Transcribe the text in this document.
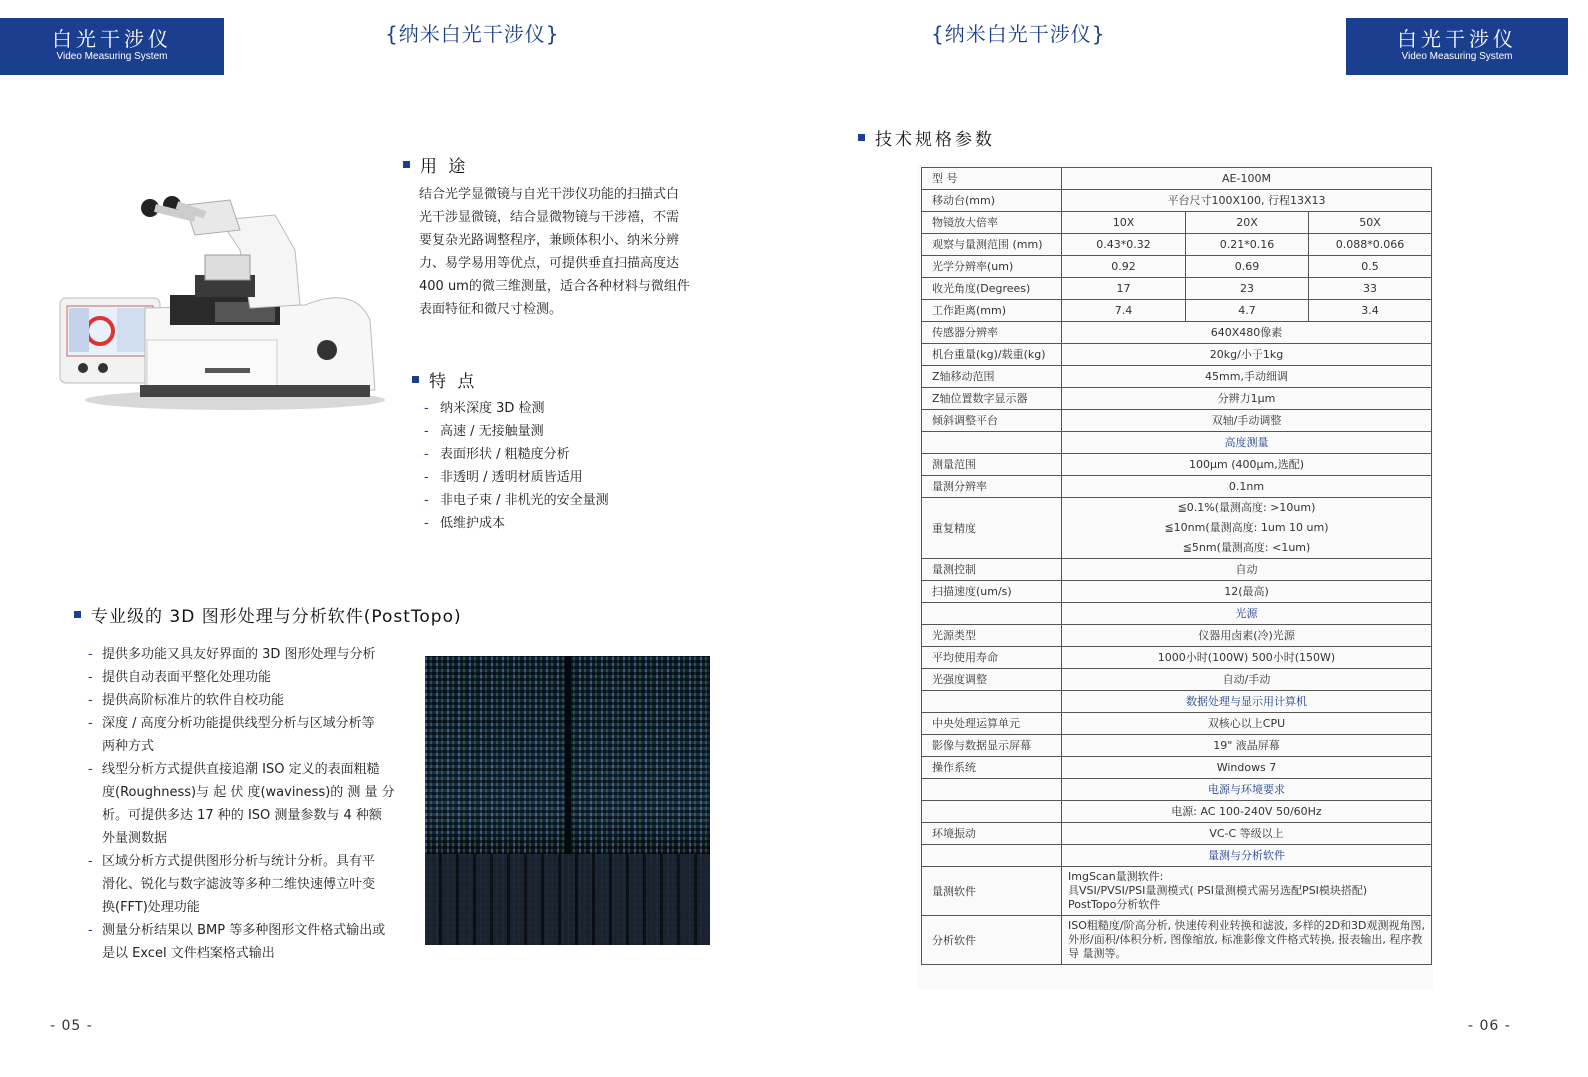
白光干涉仪
Video Measuring System
{纳米白光干涉仪}
用 途
结合光学显微镜与自光干涉仪功能的扫描式白
光干涉显微镜，结合显微物镜与干涉禧，不需
要复杂光路调整程序，兼顾体积小、纳米分辨
力、易学易用等优点，可提供垂直扫描高度达
400 um的微三维测量，适合各种材料与微组件
表面特征和微尺寸检测。
特 点
- 纳米深度 3D 检测
- 高速 / 无接触量测
- 表面形状 / 粗糙度分析
- 非透明 / 透明材质皆适用
- 非电子束 / 非机光的安全量测
- 低维护成本
专业级的 3D 图形处理与分析软件(PostTopo)
- 提供多功能又具友好界面的 3D 图形处理与分析
- 提供自动表面平整化处理功能
- 提供高阶标准片的软件自校功能
- 深度 / 高度分析功能提供线型分析与区域分析等
两种方式
- 线型分析方式提供直接追潮 ISO 定义的表面粗糙
度(Roughness)与 起 伏 度(waviness)的 测 量 分
析。可提供多达 17 种的 ISO 测量参数与 4 种额
外量测数据
- 区域分析方式提供图形分析与统计分析。具有平
滑化、锐化与数字滤波等多种二维快速傅立叶变
换(FFT)处理功能
- 测量分析结果以 BMP 等多种图形文件格式输出或
是以 Excel 文件档案格式输出
- 05 -
{纳米白光干涉仪}	白光干涉仪
Video Measuring System
技术规格参数
型 号	AE-100M		
移动台(mm)	平台尺寸100X100, 行程13X13		
物镜放大倍率	10X	20X	50X
观察与量测范围 (mm)	0.43*0.32	0.21*0.16	0.088*0.066
光学分辨率(um)	0.92	0.69	0.5
收光角度(Degrees)	17	23	33
工作距离(mm)	7.4	4.7	3.4
传感器分辨率	640X480像素		
机台重量(kg)/载重(kg)	20kg/小于1kg		
Z轴移动范围	45mm,手动细调		
Z轴位置数字显示器	分辨力1μm		
倾斜调整平台	双轴/手动调整		
	高度测量		
测量范围	100μm (400μm,选配)		
量测分辨率	0.1nm		
重复精度	≦0.1%(量测高度: >10um)
≦10nm(量测高度: 1um 10 um)
≦5nm(量测高度: <1um)		

量测控制	自动		
扫描速度(um/s)	12(最高)		
	光源		
光源类型	仪器用卤素(冷)光源		
平均使用寿命	1000小时(100W) 500小时(150W)		
光强度调整	自动/手动		
	数据处理与显示用计算机		
中央处理运算单元	双核心以上CPU		
影像与数据显示屏幕	19" 液晶屏幕		
操作系统	Windows 7		
	电源与环境要求		
	电源: AC 100-240V 50/60Hz		
环境振动	VC-C 等级以上		
	量测与分析软件		
量测软件	ImgScan量测软件:
具VSI/PVSI/PSI量测模式( PSI量测模式需另选配PSI模块搭配)
PostTopo分析软件		

分析软件	ISO粗糙度/阶高分析, 快速传利业转换和滤波, 多样的2D和3D观测视角图, 外形/面积/体积分析, 图像缩放, 标准影像文件格式转换, 报表输出, 程序教导 量测等。		
- 06 -
